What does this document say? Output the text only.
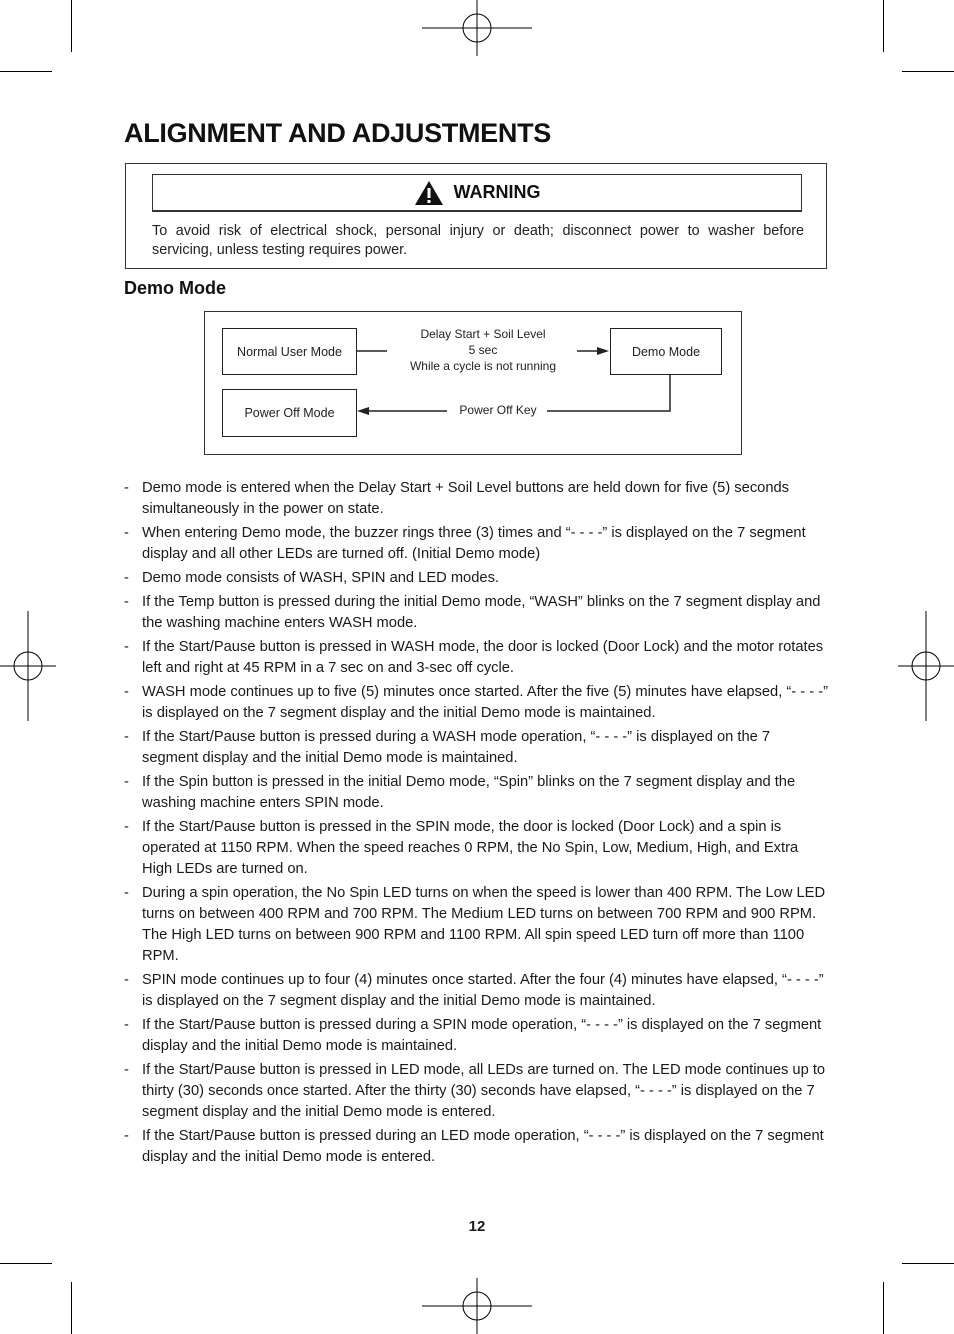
ALIGNMENT AND ADJUSTMENTS
WARNING
To avoid risk of electrical shock, personal injury or death; disconnect power to washer before servicing, unless testing requires power.
Demo Mode
Normal User Mode	Demo Mode
Power Off Mode
Delay Start + Soil Level
5 sec
While a cycle is not running
Power Off Key
- Demo mode is entered when the Delay Start + Soil Level buttons are held down for five (5) seconds simultaneously in the power on state.
- When entering Demo mode, the buzzer rings three (3) times and “- - - -” is displayed on the 7 segment display and all other LEDs are turned off. (Initial Demo mode)
- Demo mode consists of WASH, SPIN and LED modes.
- If the Temp button is pressed during the initial Demo mode, “WASH” blinks on the 7 segment display and the washing machine enters WASH mode.
- If the Start/Pause button is pressed in WASH mode, the door is locked (Door Lock) and the motor rotates left and right at 45 RPM in a 7 sec on and 3-sec off cycle.
- WASH mode continues up to five (5) minutes once started. After the five (5) minutes have elapsed, “- - - -” is displayed on the 7 segment display and the initial Demo mode is maintained.
- If the Start/Pause button is pressed during a WASH mode operation, “- - - -” is displayed on the 7 segment display and the initial Demo mode is maintained.
- If the Spin button is pressed in the initial Demo mode, “Spin” blinks on the 7 segment display and the washing machine enters SPIN mode.
- If the Start/Pause button is pressed in the SPIN mode, the door is locked (Door Lock) and a spin is operated at 1150 RPM. When the speed reaches 0 RPM, the No Spin, Low, Medium, High, and Extra High LEDs are turned on.
- During a spin operation, the No Spin LED turns on when the speed is lower than 400 RPM. The Low LED turns on between 400 RPM and 700 RPM. The Medium LED turns on between 700 RPM and 900 RPM. The High LED turns on between 900 RPM and 1100 RPM. All spin speed LED turn off more than 1100 RPM.
- SPIN mode continues up to four (4) minutes once started. After the four (4) minutes have elapsed, “- - - -” is displayed on the 7 segment display and the initial Demo mode is maintained.
- If the Start/Pause button is pressed during a SPIN mode operation, “- - - -” is displayed on the 7 segment display and the initial Demo mode is maintained.
- If the Start/Pause button is pressed in LED mode, all LEDs are turned on. The LED mode continues up to thirty (30) seconds once started. After the thirty (30) seconds have elapsed, “- - - -” is displayed on the 7 segment display and the initial Demo mode is entered.
- If the Start/Pause button is pressed during an LED mode operation, “- - - -” is displayed on the 7 segment display and the initial Demo mode is entered.
12
